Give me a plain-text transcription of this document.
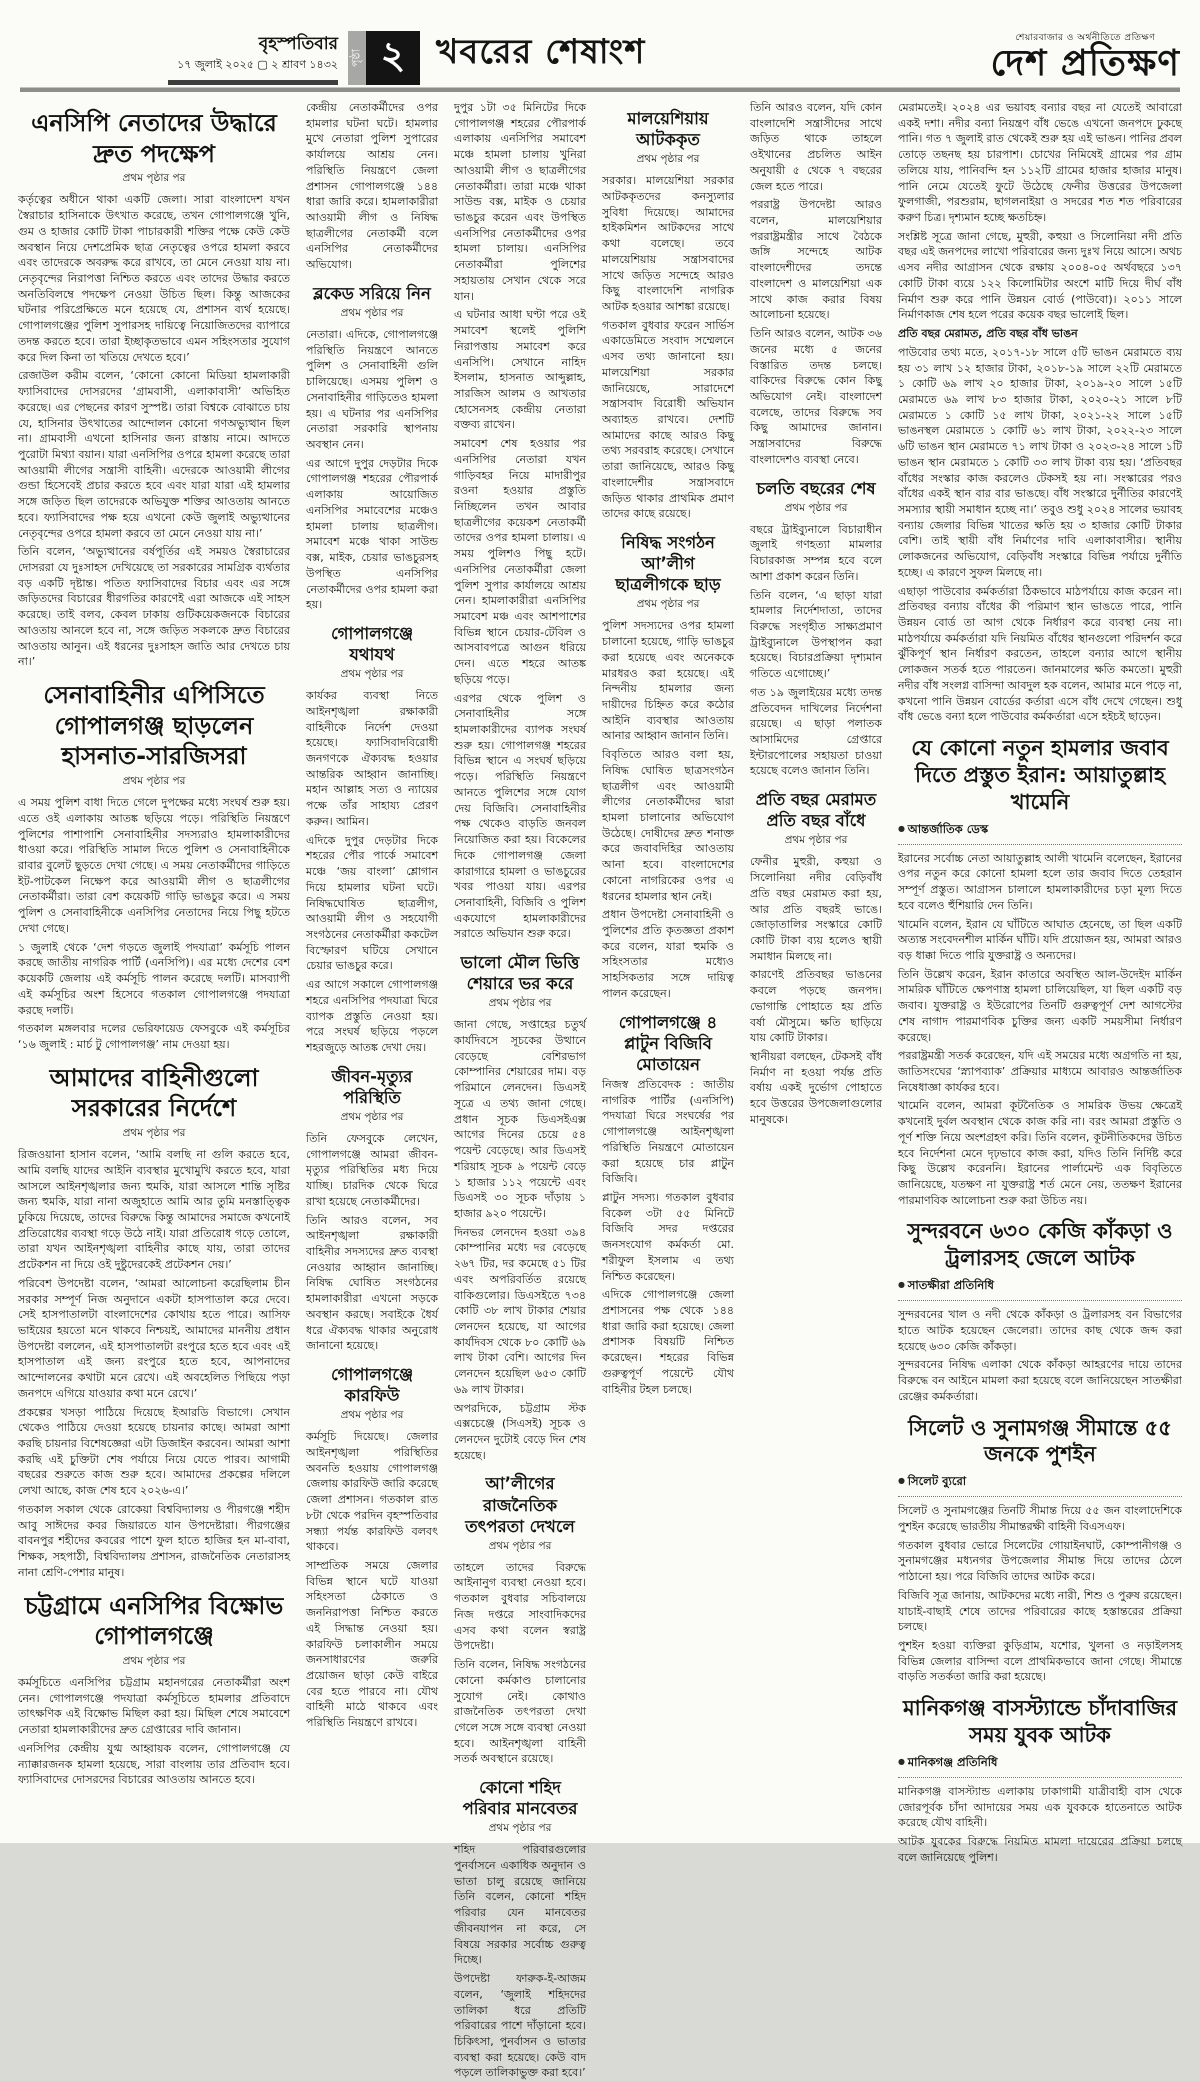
বৃহস্পতিবার
১৭ জুলাই ২০২৫ ▢ ২ শ্রাবণ ১৪৩২ পৃষ্ঠা ২ খবরের শেষাংশ	শেয়ারবাজার ও অর্থনীতিতে প্রতিক্ষণ
দেশ প্রতিক্ষণ
এনসিপি নেতাদের উদ্ধারে দ্রুত পদক্ষেপ
প্রথম পৃষ্ঠার পর

কর্তৃত্বের অধীনে থাকা একটি জেলা। সারা বাংলাদেশ যখন স্বৈরাচার হাসিনাকে উৎখাত করেছে, তখন গোপালগঞ্জে খুনি, গুম ও হাজার কোটি টাকা পাচারকারী শক্তির পক্ষে কেউ কেউ অবস্থান নিয়ে দেশপ্রেমিক ছাত্র নেতৃত্বের ওপরে হামলা করবে এবং তাদেরকে অবরুদ্ধ করে রাখবে, তা মেনে নেওয়া যায় না। নেতৃবৃন্দের নিরাপত্তা নিশ্চিত করতে এবং তাদের উদ্ধার করতে অনতিবিলম্বে পদক্ষেপ নেওয়া উচিত ছিল। কিন্তু আজকের ঘটনার পরিপ্রেক্ষিতে মনে হয়েছে যে, প্রশাসন ব্যর্থ হয়েছে। গোপালগঞ্জের পুলিশ সুপারসহ দায়িত্বে নিয়োজিতদের ব্যাপারে তদন্ত করতে হবে। তারা ইচ্ছাকৃতভাবে এমন সহিংসতার সুযোগ করে দিল কিনা তা খতিয়ে দেখতে হবে।’

রেজাউল করীম বলেন, ‘কোনো কোনো মিডিয়া হামলাকারী ফ্যাসিবাদের দোসরদের ‘গ্রামবাসী, এলাকাবাসী’ অভিহিত করেছে। এর পেছনের কারণ সুস্পষ্ট। তারা বিশ্বকে বোঝাতে চায় যে, হাসিনার উৎখাতের আন্দোলন কোনো গণঅভ্যুত্থান ছিল না। গ্রামবাসী এখনো হাসিনার জন্য রাস্তায় নামে। আদতে পুরোটা মিথ্যা বয়ান। যারা এনসিপির ওপরে হামলা করেছে তারা আওয়ামী লীগের সন্ত্রাসী বাহিনী। এদেরকে আওয়ামী লীগের গুন্ডা হিসেবেই প্রচার করতে হবে এবং যারা যারা এই হামলার সঙ্গে জড়িত ছিল তাদেরকে অভিযুক্ত শক্তির আওতায় আনতে হবে। ফ্যাসিবাদের পক্ষ হয়ে এখনো কেউ জুলাই অভ্যুত্থানের নেতৃবৃন্দের ওপরে হামলা করবে তা মেনে নেওয়া যায় না।’

তিনি বলেন, ‘অভ্যুত্থানের বর্ষপূর্তির এই সময়ও স্বৈরাচারের দোসররা যে দুঃসাহস দেখিয়েছে তা সরকারের সামগ্রিক ব্যর্থতার বড় একটি দৃষ্টান্ত। পতিত ফ্যাসিবাদের বিচার এবং এর সঙ্গে জড়িতদের বিচারের ধীরগতির কারণেই এরা আজকে এই সাহস করেছে। তাই বলব, কেবল ঢাকায় গুটিকয়েকজনকে বিচারের আওতায় আনলে হবে না, সঙ্গে জড়িত সকলকে দ্রুত বিচারের আওতায় আনুন। এই ধরনের দুঃসাহস জাতি আর দেখতে চায় না।’

সেনাবাহিনীর এপিসিতে গোপালগঞ্জ ছাড়লেন হাসনাত-সারজিসরা
প্রথম পৃষ্ঠার পর

এ সময় পুলিশ বাধা দিতে গেলে দুপক্ষের মধ্যে সংঘর্ষ শুরু হয়। এতে ওই এলাকায় আতঙ্ক ছড়িয়ে পড়ে। পরিস্থিতি নিয়ন্ত্রণে পুলিশের পাশাপাশি সেনাবাহিনীর সদস্যরাও হামলাকারীদের ধাওয়া করে। পরিস্থিতি সামাল দিতে পুলিশ ও সেনাবাহিনীকে রাবার বুলেট ছুড়তে দেখা গেছে। এ সময় নেতাকর্মীদের গাড়িতে ইট-পাটকেল নিক্ষেপ করে আওয়ামী লীগ ও ছাত্রলীগের নেতাকর্মীরা। তারা বেশ কয়েকটি গাড়ি ভাঙচুর করে। এ সময় পুলিশ ও সেনাবাহিনীকে এনসিপির নেতাদের নিয়ে পিছু হটতে দেখা গেছে।

১ জুলাই থেকে ‘দেশ গড়তে জুলাই পদযাত্রা’ কর্মসূচি পালন করছে জাতীয় নাগরিক পার্টি (এনসিপি)। এর মধ্যে দেশের বেশ কয়েকটি জেলায় এই কর্মসূচি পালন করেছে দলটি। মাসব্যাপী এই কর্মসূচির অংশ হিসেবে গতকাল গোপালগঞ্জে পদযাত্রা করছে দলটি।

গতকাল মঙ্গলবার দলের ভেরিফায়েড ফেসবুকে এই কর্মসূচির ‘১৬ জুলাই : মার্চ টু গোপালগঞ্জ’ নাম দেওয়া হয়।

আমাদের বাহিনীগুলো সরকারের নির্দেশে
প্রথম পৃষ্ঠার পর

রিজওয়ানা হাসান বলেন, ‘আমি বলছি না গুলি করতে হবে, আমি বলছি যাদের আইনি ব্যবস্থার মুখোমুখি করতে হবে, যারা আসলে আইনশৃঙ্খলার জন্য হুমকি, যারা আসলে শান্তি সৃষ্টির জন্য হুমকি, যারা নানা অজুহাতে আমি আর তুমি মনস্তাত্ত্বিক ঢুকিয়ে দিয়েছে, তাদের বিরুদ্ধে কিন্তু আমাদের সমাজে কখনোই প্রতিরোধের ব্যবস্থা গড়ে উঠে নাই। যারা প্রতিরোধ গড়ে তোলে, তারা যখন আইনশৃঙ্খলা বাহিনীর কাছে যায়, তারা তাদের প্রটেকশন না দিয়ে ওই দুষ্টুদেরকেই প্রটেকশন দেয়।’

পরিবেশ উপদেষ্টা বলেন, ‘আমরা আলোচনা করেছিলাম চীন সরকার সম্পূর্ণ নিজ অনুদানে একটা হাসপাতাল করে দেবে। সেই হাসপাতালটা বাংলাদেশের কোথায় হতে পারে। আসিফ ভাইয়ের হয়তো মনে থাকবে নিশ্চয়ই, আমাদের মাননীয় প্রধান উপদেষ্টা বললেন, এই হাসপাতালটা রংপুরে হতে হবে এবং এই হাসপাতাল এই জন্য রংপুরে হতে হবে, আপনাদের আন্দোলনের কথাটা মনে রেখে। এই অবহেলিত পিছিয়ে পড়া জনপদে এগিয়ে যাওয়ার কথা মনে রেখে।’

প্রকল্পের খসড়া পাঠিয়ে দিয়েছে ইআরডি বিভাগে। সেখান থেকেও পাঠিয়ে দেওয়া হয়েছে চায়নার কাছে। আমরা আশা করছি চায়নার বিশেষজ্ঞেরা এটা ডিজাইন করবেন। আমরা আশা করছি এই চুক্তিটা শেষ পর্যায়ে নিয়ে যেতে পারব। আগামী বছরের শুরুতে কাজ শুরু হবে। আমাদের প্রকল্পের দলিলে লেখা আছে, কাজ শেষ হবে ২০২৬-এ।’

গতকাল সকাল থেকে রোকেয়া বিশ্ববিদ্যালয় ও পীরগঞ্জে শহীদ আবু সাঈদের কবর জিয়ারতে যান উপদেষ্টারা। পীরগঞ্জের বাবনপুর শহীদের কবরের পাশে ফুল হাতে হাজির হন মা-বাবা, শিক্ষক, সহপাঠী, বিশ্ববিদ্যালয় প্রশাসন, রাজনৈতিক নেতারাসহ নানা শ্রেণি-পেশার মানুষ।

চট্টগ্রামে এনসিপির বিক্ষোভ গোপালগঞ্জে
প্রথম পৃষ্ঠার পর

কর্মসূচিতে এনসিপির চট্টগ্রাম মহানগরের নেতাকর্মীরা অংশ নেন। গোপালগঞ্জে পদযাত্রা কর্মসূচিতে হামলার প্রতিবাদে তাৎক্ষণিক এই বিক্ষোভ মিছিল করা হয়। মিছিল শেষে সমাবেশে নেতারা হামলাকারীদের দ্রুত গ্রেপ্তারের দাবি জানান।

এনসিপির কেন্দ্রীয় যুগ্ম আহ্বায়ক বলেন, গোপালগঞ্জে যে ন্যাক্কারজনক হামলা হয়েছে, সারা বাংলায় তার প্রতিবাদ হবে। ফ্যাসিবাদের দোসরদের বিচারের আওতায় আনতে হবে।

কেন্দ্রীয় নেতাকর্মীদের ওপর হামলার ঘটনা ঘটে। হামলার মুখে নেতারা পুলিশ সুপারের কার্যালয়ে আশ্রয় নেন। পরিস্থিতি নিয়ন্ত্রণে জেলা প্রশাসন গোপালগঞ্জে ১৪৪ ধারা জারি করে। হামলাকারীরা আওয়ামী লীগ ও নিষিদ্ধ ছাত্রলীগের নেতাকর্মী বলে এনসিপির নেতাকর্মীদের অভিযোগ।

ব্লকেড সরিয়ে নিন
প্রথম পৃষ্ঠার পর

নেতারা। এদিকে, গোপালগঞ্জে পরিস্থিতি নিয়ন্ত্রণে আনতে পুলিশ ও সেনাবাহিনী গুলি চালিয়েছে। এসময় পুলিশ ও সেনাবাহিনীর গাড়িতেও হামলা হয়। এ ঘটনার পর এনসিপির নেতারা সরকারি স্থাপনায় অবস্থান নেন।

এর আগে দুপুর দেড়টার দিকে গোপালগঞ্জ শহরের পৌরপার্ক এলাকায় আয়োজিত এনসিপির সমাবেশের মঞ্চেও হামলা চালায় ছাত্রলীগ। সমাবেশ মঞ্চে থাকা সাউন্ড বক্স, মাইক, চেয়ার ভাঙচুরসহ উপস্থিত এনসিপির নেতাকর্মীদের ওপর হামলা করা হয়।

গোপালগঞ্জে যথাযথ
প্রথম পৃষ্ঠার পর

কার্যকর ব্যবস্থা নিতে আইনশৃঙ্খলা রক্ষাকারী বাহিনীকে নির্দেশ দেওয়া হয়েছে। ফ্যাসিবাদবিরোধী জনগণকে ঐক্যবদ্ধ হওয়ার আন্তরিক আহ্বান জানাচ্ছি। মহান আল্লাহ সত্য ও ন্যায়ের পক্ষে তাঁর সাহায্য প্রেরণ করুন। আমিন।

এদিকে দুপুর দেড়টার দিকে শহরের পৌর পার্কে সমাবেশ মঞ্চে ‘জয় বাংলা’ শ্লোগান দিয়ে হামলার ঘটনা ঘটে। নিষিদ্ধঘোষিত ছাত্রলীগ, আওয়ামী লীগ ও সহযোগী সংগঠনের নেতাকর্মীরা ককটেল বিস্ফোরণ ঘটিয়ে সেখানে চেয়ার ভাঙচুর করে।

এর আগে সকালে গোপালগঞ্জ শহরে এনসিপির পদযাত্রা ঘিরে ব্যাপক প্রস্তুতি নেওয়া হয়। পরে সংঘর্ষ ছড়িয়ে পড়লে শহরজুড়ে আতঙ্ক দেখা দেয়।

জীবন-মৃত্যুর পরিস্থিতি
প্রথম পৃষ্ঠার পর

তিনি ফেসবুকে লেখেন, গোপালগঞ্জে আমরা জীবন-মৃত্যুর পরিস্থিতির মধ্য দিয়ে যাচ্ছি। চারদিক থেকে ঘিরে রাখা হয়েছে নেতাকর্মীদের।

তিনি আরও বলেন, সব আইনশৃঙ্খলা রক্ষাকারী বাহিনীর সদস্যদের দ্রুত ব্যবস্থা নেওয়ার আহ্বান জানাচ্ছি। নিষিদ্ধ ঘোষিত সংগঠনের হামলাকারীরা এখনো সড়কে অবস্থান করছে। সবাইকে ধৈর্য ধরে ঐক্যবদ্ধ থাকার অনুরোধ জানানো হয়েছে।

গোপালগঞ্জে কারফিউ
প্রথম পৃষ্ঠার পর

কর্মসূচি দিয়েছে। জেলার আইনশৃঙ্খলা পরিস্থিতির অবনতি হওয়ায় গোপালগঞ্জ জেলায় কারফিউ জারি করেছে জেলা প্রশাসন। গতকাল রাত ৮টা থেকে পরদিন বৃহস্পতিবার সন্ধ্যা পর্যন্ত কারফিউ বলবৎ থাকবে।

সাম্প্রতিক সময়ে জেলার বিভিন্ন স্থানে ঘটে যাওয়া সহিংসতা ঠেকাতে ও জননিরাপত্তা নিশ্চিত করতে এই সিদ্ধান্ত নেওয়া হয়। কারফিউ চলাকালীন সময়ে জনসাধারণের জরুরি প্রয়োজন ছাড়া কেউ বাইরে বের হতে পারবে না। যৌথ বাহিনী মাঠে থাকবে এবং পরিস্থিতি নিয়ন্ত্রণে রাখবে।

দুপুর ১টা ৩৫ মিনিটের দিকে গোপালগঞ্জ শহরের পৌরপার্ক এলাকায় এনসিপির সমাবেশ মঞ্চে হামলা চালায় খুনিরা আওয়ামী লীগ ও ছাত্রলীগের নেতাকর্মীরা। তারা মঞ্চে থাকা সাউন্ড বক্স, মাইক ও চেয়ার ভাঙচুর করেন এবং উপস্থিত এনসিপির নেতাকর্মীদের ওপর হামলা চালায়। এনসিপির নেতাকর্মীরা পুলিশের সহায়তায় সেখান থেকে সরে যান।

এ ঘটনার আধা ঘণ্টা পরে ওই সমাবেশ স্থলেই পুলিশি নিরাপত্তায় সমাবেশ করে এনসিপি। সেখানে নাহিদ ইসলাম, হাসনাত আব্দুল্লাহ, সারজিস আলম ও আখতার হোসেনসহ কেন্দ্রীয় নেতারা বক্তব্য রাখেন।

সমাবেশ শেষ হওয়ার পর এনসিপির নেতারা যখন গাড়িবহর নিয়ে মাদারীপুর রওনা হওয়ার প্রস্তুতি নিচ্ছিলেন তখন আবার ছাত্রলীগের কয়েকশ নেতাকর্মী তাদের ওপর হামলা চালায়। এ সময় পুলিশও পিছু হটে। এনসিপির নেতাকর্মীরা জেলা পুলিশ সুপার কার্যালয়ে আশ্রয় নেন। হামলাকারীরা এনসিপির সমাবেশ মঞ্চ এবং আশপাশের বিভিন্ন স্থানে চেয়ার-টেবিল ও আসবাবপত্রে আগুন ধরিয়ে দেন। এতে শহরে আতঙ্ক ছড়িয়ে পড়ে।

এরপর থেকে পুলিশ ও সেনাবাহিনীর সঙ্গে হামলাকারীদের ব্যাপক সংঘর্ষ শুরু হয়। গোপালগঞ্জ শহরের বিভিন্ন স্থানে এ সংঘর্ষ ছড়িয়ে পড়ে। পরিস্থিতি নিয়ন্ত্রণে আনতে পুলিশের সঙ্গে যোগ দেয় বিজিবি। সেনাবাহিনীর পক্ষ থেকেও বাড়তি জনবল নিয়োজিত করা হয়। বিকেলের দিকে গোপালগঞ্জ জেলা কারাগারে হামলা ও ভাঙচুরের খবর পাওয়া যায়। এরপর সেনাবাহিনী, বিজিবি ও পুলিশ একযোগে হামলাকারীদের সরাতে অভিযান শুরু করে।

ভালো মৌল ভিত্তি শেয়ারে ভর করে
প্রথম পৃষ্ঠার পর

জানা গেছে, সপ্তাহের চতুর্থ কার্যদিবসে সূচকের উত্থানে বেড়েছে বেশিরভাগ কোম্পানির শেয়ারের দাম। বড় পরিমানে লেনদেন। ডিএসই সূত্রে এ তথ্য জানা গেছে। প্রধান সূচক ডিএসইএক্স আগের দিনের চেয়ে ৫৪ পয়েন্ট বেড়েছে। আর ডিএসই শরিয়াহ সূচক ৯ পয়েন্ট বেড়ে ১ হাজার ১১২ পয়েন্টে এবং ডিএসই ৩০ সূচক দাঁড়ায় ১ হাজার ৯২০ পয়েন্টে।

দিনভর লেনদেন হওয়া ৩৯৪ কোম্পানির মধ্যে দর বেড়েছে ২৬৭ টির, দর কমেছে ৫১ টির এবং অপরিবর্তিত রয়েছে বাকিগুলোর। ডিএসইতে ৭৩৪ কোটি ৩৮ লাখ টাকার শেয়ার লেনদেন হয়েছে, যা আগের কার্যদিবস থেকে ৮০ কোটি ৬৯ লাখ টাকা বেশি। আগের দিন লেনদেন হয়েছিল ৬৫৩ কোটি ৬৯ লাখ টাকার।

অপরদিকে, চট্টগ্রাম স্টক এক্সচেঞ্জে (সিএসই) সূচক ও লেনদেন দুটোই বেড়ে দিন শেষ হয়েছে।

আ’লীগের রাজনৈতিক তৎপরতা দেখলে
প্রথম পৃষ্ঠার পর

তাহলে তাদের বিরুদ্ধে আইনানুগ ব্যবস্থা নেওয়া হবে। গতকাল বুধবার সচিবালয়ে নিজ দপ্তরে সাংবাদিকদের এসব কথা বলেন স্বরাষ্ট্র উপদেষ্টা।

তিনি বলেন, নিষিদ্ধ সংগঠনের কোনো কর্মকাণ্ড চালানোর সুযোগ নেই। কোথাও রাজনৈতিক তৎপরতা দেখা গেলে সঙ্গে সঙ্গে ব্যবস্থা নেওয়া হবে। আইনশৃঙ্খলা বাহিনী সতর্ক অবস্থানে রয়েছে।

কোনো শহিদ পরিবার মানবেতর
প্রথম পৃষ্ঠার পর

শহিদ পরিবারগুলোর পুনর্বাসনে একাধিক অনুদান ও ভাতা চালু রয়েছে জানিয়ে তিনি বলেন, কোনো শহিদ পরিবার যেন মানবেতর জীবনযাপন না করে, সে বিষয়ে সরকার সর্বোচ্চ গুরুত্ব দিচ্ছে।

উপদেষ্টা ফারুক-ই-আজম বলেন, ‘জুলাই শহিদদের তালিকা ধরে প্রতিটি পরিবারের পাশে দাঁড়ানো হবে। চিকিৎসা, পুনর্বাসন ও ভাতার ব্যবস্থা করা হয়েছে। কেউ বাদ পড়লে তালিকাভুক্ত করা হবে।’

মালয়েশিয়ায় আটককৃত
প্রথম পৃষ্ঠার পর

সরকার। মালয়েশিয়া সরকার আটককৃতদের কনস্যুলার সুবিধা দিয়েছে। আমাদের হাইকমিশন আটকদের সাথে কথা বলেছে। তবে মালয়েশিয়ায় সন্ত্রাসবাদের সাথে জড়িত সন্দেহে আরও কিছু বাংলাদেশি নাগরিক আটক হওয়ার আশঙ্কা রয়েছে।

গতকাল বুধবার ফরেন সার্ভিস একাডেমিতে সংবাদ সম্মেলনে এসব তথ্য জানানো হয়। মালয়েশিয়া সরকার জানিয়েছে, সারাদেশে সন্ত্রাসবাদ বিরোধী অভিযান অব্যাহত রাখবে। দেশটি আমাদের কাছে আরও কিছু তথ্য সরবরাহ করেছে। সেখানে তারা জানিয়েছে, আরও কিছু বাংলাদেশীর সন্ত্রাসবাদে জড়িত থাকার প্রাথমিক প্রমাণ তাদের কাছে রয়েছে।

নিষিদ্ধ সংগঠন আ’লীগ ছাত্রলীগকে ছাড়
প্রথম পৃষ্ঠার পর

পুলিশ সদস্যদের ওপর হামলা চালানো হয়েছে, গাড়ি ভাঙচুর করা হয়েছে এবং অনেককে মারধরও করা হয়েছে। এই নিন্দনীয় হামলার জন্য দায়ীদের চিহ্নিত করে কঠোর আইনি ব্যবস্থার আওতায় আনার আহ্বান জানান তিনি।

বিবৃতিতে আরও বলা হয়, নিষিদ্ধ ঘোষিত ছাত্রসংগঠন ছাত্রলীগ এবং আওয়ামী লীগের নেতাকর্মীদের দ্বারা হামলা চালানোর অভিযোগ উঠেছে। দোষীদের দ্রুত শনাক্ত করে জবাবদিহির আওতায় আনা হবে। বাংলাদেশের কোনো নাগরিকের ওপর এ ধরনের হামলার স্থান নেই।

প্রধান উপদেষ্টা সেনাবাহিনী ও পুলিশের প্রতি কৃতজ্ঞতা প্রকাশ করে বলেন, যারা হুমকি ও সহিংসতার মধ্যেও সাহসিকতার সঙ্গে দায়িত্ব পালন করেছেন।

গোপালগঞ্জে ৪ প্লাটুন বিজিবি মোতায়েন

নিজস্ব প্রতিবেদক : জাতীয় নাগরিক পার্টির (এনসিপি) পদযাত্রা ঘিরে সংঘর্ষের পর গোপালগঞ্জে আইনশৃঙ্খলা পরিস্থিতি নিয়ন্ত্রণে মোতায়েন করা হয়েছে চার প্লাটুন বিজিবি।

প্লাটুন সদস্য। গতকাল বুধবার বিকেল ৩টা ৫৫ মিনিটে বিজিবি সদর দপ্তরের জনসংযোগ কর্মকর্তা মো. শরীফুল ইসলাম এ তথ্য নিশ্চিত করেছেন।

এদিকে গোপালগঞ্জে জেলা প্রশাসনের পক্ষ থেকে ১৪৪ ধারা জারি করা হয়েছে। জেলা প্রশাসক বিষয়টি নিশ্চিত করেছেন। শহরের বিভিন্ন গুরুত্বপূর্ণ পয়েন্টে যৌথ বাহিনীর টহল চলছে।

তিনি আরও বলেন, যদি কোন বাংলাদেশি সন্ত্রাসীদের সাথে জড়িত থাকে তাহলে ওইখানের প্রচলিত আইন অনুযায়ী ৫ থেকে ৭ বছরের জেল হতে পারে।

পররাষ্ট্র উপদেষ্টা আরও বলেন, মালয়েশিয়ার পররাষ্ট্রমন্ত্রীর সাথে বৈঠকে জঙ্গি সন্দেহে আটক বাংলাদেশীদের তদন্তে বাংলাদেশ ও মালয়েশিয়া এক সাথে কাজ করার বিষয় আলোচনা হয়েছে।

তিনি আরও বলেন, আটক ৩৬ জনের মধ্যে ৫ জনের বিস্তারিত তদন্ত চলছে। বাকিদের বিরুদ্ধে কোন কিছু অভিযোগ নেই। বাংলাদেশ বলেছে, তাদের বিরুদ্ধে সব কিছু আমাদের জানান। সন্ত্রাসবাদের বিরুদ্ধে বাংলাদেশও ব্যবস্থা নেবে।

চলতি বছরের শেষ
প্রথম পৃষ্ঠার পর

বছরে ট্রাইব্যুনালে বিচারাধীন জুলাই গণহত্যা মামলার বিচারকাজ সম্পন্ন হবে বলে আশা প্রকাশ করেন তিনি।

তিনি বলেন, ‘এ ছাড়া যারা হামলার নির্দেশদাতা, তাদের বিরুদ্ধে সংগৃহীত সাক্ষ্যপ্রমাণ ট্রাইব্যুনালে উপস্থাপন করা হয়েছে। বিচারপ্রক্রিয়া দৃশ্যমান গতিতে এগোচ্ছে।’

গত ১৯ জুলাইয়ের মধ্যে তদন্ত প্রতিবেদন দাখিলের নির্দেশনা রয়েছে। এ ছাড়া পলাতক আসামিদের গ্রেপ্তারে ইন্টারপোলের সহায়তা চাওয়া হয়েছে বলেও জানান তিনি।

প্রতি বছর মেরামত প্রতি বছর বাঁধে
প্রথম পৃষ্ঠার পর

ফেনীর মুহুরী, কহুয়া ও সিলোনিয়া নদীর বেড়িবাঁধ প্রতি বছর মেরামত করা হয়, আর প্রতি বছরই ভাঙে। জোড়াতালির সংস্কারে কোটি কোটি টাকা ব্যয় হলেও স্থায়ী সমাধান মিলছে না।

কারণেই প্রতিবছর ভাঙনের কবলে পড়ছে জনপদ। ভোগান্তি পোহাতে হয় প্রতি বর্ষা মৌসুমে। ক্ষতি ছাড়িয়ে যায় কোটি টাকার।

স্থানীয়রা বলছেন, টেকসই বাঁধ নির্মাণ না হওয়া পর্যন্ত প্রতি বর্ষায় একই দুর্ভোগ পোহাতে হবে উত্তরের উপজেলাগুলোর মানুষকে।

মেরামতেই। ২০২৪ এর ভয়াবহ বন্যার বছর না যেতেই আবারো একই দশা। নদীর বন্যা নিয়ন্ত্রণ বাঁধ ভেঙে এখনো জনপদে ঢুকছে পানি। গত ৭ জুলাই রাত থেকেই শুরু হয় এই ভাঙন। পানির প্রবল তোড়ে তছনছ হয় চারপাশ। চোখের নিমিষেই গ্রামের পর গ্রাম তলিয়ে যায়, পানিবন্দি হন ১১২টি গ্রামের হাজার হাজার মানুষ। পানি নেমে যেতেই ফুটে উঠেছে ফেনীর উত্তরের উপজেলা ফুলগাজী, পরশুরাম, ছাগলনাইয়া ও সদরের শত শত পরিবারের করুণ চিত্র। দৃশ্যমান হচ্ছে ক্ষতচিহ্ন।

সংশ্লিষ্ট সূত্রে জানা গেছে, মুহুরী, কহুয়া ও সিলোনিয়া নদী প্রতি বছর এই জনপদের লাখো পরিবারের জন্য দুঃখ নিয়ে আসে। অথচ এসব নদীর আগ্রাসন থেকে রক্ষায় ২০০৪-০৫ অর্থবছরে ১৩৭ কোটি টাকা ব্যয়ে ১২২ কিলোমিটার অংশে মাটি দিয়ে দীর্ঘ বাঁধ নির্মাণ শুরু করে পানি উন্নয়ন বোর্ড (পাউবো)। ২০১১ সালে নির্মাণকাজ শেষ হলে পরের কয়েক বছর ভালোই ছিল।

প্রতি বছর মেরামত, প্রতি বছর বাঁধ ভাঙন

পাউবোর তথ্য মতে, ২০১৭-১৮ সালে ৫টি ভাঙন মেরামতে ব্যয় হয় ৩১ লাখ ১২ হাজার টাকা, ২০১৮-১৯ সালে ২২টি মেরামতে ১ কোটি ৬৯ লাখ ২০ হাজার টাকা, ২০১৯-২০ সালে ১৫টি মেরামতে ৬৯ লাখ ৮৩ হাজার টাকা, ২০২০-২১ সালে ৮টি মেরামতে ১ কোটি ১৫ লাখ টাকা, ২০২১-২২ সালে ১৫টি ভাঙনস্থল মেরামতে ১ কোটি ৬১ লাখ টাকা, ২০২২-২৩ সালে ৬টি ভাঙন স্থান মেরামতে ৭১ লাখ টাকা ও ২০২৩-২৪ সালে ১টি ভাঙন স্থান মেরামতে ১ কোটি ৩৩ লাখ টাকা ব্যয় হয়। ‘প্রতিবছর বাঁধের সংস্কার কাজ করলেও টেকসই হয় না। সংস্কারের পরও বাঁধের একই স্থান বার বার ভাঙছে। বাঁধ সংস্কারে দুর্নীতির কারণেই সমস্যার স্থায়ী সমাধান হচ্ছে না।’ তবুও শুধু ২০২৪ সালের ভয়াবহ বন্যায় জেলার বিভিন্ন খাতের ক্ষতি হয় ৩ হাজার কোটি টাকার বেশি। তাই স্থায়ী বাঁধ নির্মাণের দাবি এলাকাবাসীর। স্থানীয় লোকজনের অভিযোগ, বেড়িবাঁধ সংস্কারে বিভিন্ন পর্যায়ে দুর্নীতি হচ্ছে। এ কারণে সুফল মিলছে না।

এছাড়া পাউবোর কর্মকর্তারা ঠিকভাবে মাঠপর্যায়ে কাজ করেন না। প্রতিবছর বন্যায় বাঁধের কী পরিমাণ স্থান ভাঙতে পারে, পানি উন্নয়ন বোর্ড তা আগ থেকে নির্ধারণ করে ব্যবস্থা নেয় না। মাঠপর্যায়ে কর্মকর্তারা যদি নিয়মিত বাঁধের স্থানগুলো পরিদর্শন করে ঝুঁকিপূর্ণ স্থান নির্ধারণ করতেন, তাহলে বন্যার আগে স্থানীয় লোকজন সতর্ক হতে পারতেন। জানমালের ক্ষতি কমতো। মুহুরী নদীর বাঁধ সংলগ্ন বাসিন্দা আবদুল হক বলেন, আমার মনে পড়ে না, কখনো পানি উন্নয়ন বোর্ডের কর্তারা এসে বাঁধ দেখে গেছেন। শুধু বাঁধ ভেঙে বন্যা হলে পাউবোর কর্মকর্তারা এসে হইচই ছাড়েন।

যে কোনো নতুন হামলার জবাব দিতে প্রস্তুত ইরান: আয়াতুল্লাহ খামেনি
● আন্তর্জাতিক ডেস্ক

ইরানের সর্বোচ্চ নেতা আয়াতুল্লাহ আলী খামেনি বলেছেন, ইরানের ওপর নতুন করে কোনো হামলা হলে তার জবাব দিতে তেহরান সম্পূর্ণ প্রস্তুত। আগ্রাসন চালালে হামলাকারীদের চড়া মূল্য দিতে হবে বলেও হুঁশিয়ারি দেন তিনি।

খামেনি বলেন, ইরান যে ঘাঁটিতে আঘাত হেনেছে, তা ছিল একটি অত্যন্ত সংবেদনশীল মার্কিন ঘাঁটি। যদি প্রয়োজন হয়, আমরা আরও বড় ধাক্কা দিতে পারি যুক্তরাষ্ট্র ও অন্যদের।

তিনি উল্লেখ করেন, ইরান কাতারে অবস্থিত আল-উদেইদ মার্কিন সামরিক ঘাঁটিতে ক্ষেপণাস্ত্র হামলা চালিয়েছিল, যা ছিল একটি বড় জবাব। যুক্তরাষ্ট্র ও ইউরোপের তিনটি গুরুত্বপূর্ণ দেশ আগস্টের শেষ নাগাদ পারমাণবিক চুক্তির জন্য একটি সময়সীমা নির্ধারণ করেছে।

পররাষ্ট্রমন্ত্রী সতর্ক করেছেন, যদি এই সময়ের মধ্যে অগ্রগতি না হয়, জাতিসংঘের ‘স্ন্যাপব্যাক’ প্রক্রিয়ার মাধ্যমে আবারও আন্তর্জাতিক নিষেধাজ্ঞা কার্যকর হবে।

খামেনি বলেন, আমরা কূটনৈতিক ও সামরিক উভয় ক্ষেত্রেই কখনোই দুর্বল অবস্থান থেকে কাজ করি না। বরং আমরা প্রস্তুতি ও পূর্ণ শক্তি নিয়ে অংশগ্রহণ করি। তিনি বলেন, কূটনীতিকদের উচিত হবে নির্দেশনা মেনে দৃঢ়ভাবে কাজ করা, যদিও তিনি নির্দিষ্ট করে কিছু উল্লেখ করেননি। ইরানের পার্লামেন্ট এক বিবৃতিতে জানিয়েছে, যতক্ষণ না যুক্তরাষ্ট্র শর্ত মেনে নেয়, ততক্ষণ ইরানের পারমাণবিক আলোচনা শুরু করা উচিত নয়।

সুন্দরবনে ৬৩০ কেজি কাঁকড়া ও ট্রলারসহ জেলে আটক
● সাতক্ষীরা প্রতিনিধি

সুন্দরবনের খাল ও নদী থেকে কাঁকড়া ও ট্রলারসহ বন বিভাগের হাতে আটক হয়েছেন জেলেরা। তাদের কাছ থেকে জব্দ করা হয়েছে ৬৩০ কেজি কাঁকড়া।

সুন্দরবনের নিষিদ্ধ এলাকা থেকে কাঁকড়া আহরণের দায়ে তাদের বিরুদ্ধে বন আইনে মামলা করা হয়েছে বলে জানিয়েছেন সাতক্ষীরা রেঞ্জের কর্মকর্তারা।

সিলেট ও সুনামগঞ্জ সীমান্তে ৫৫ জনকে পুশইন
● সিলেট ব্যুরো

সিলেট ও সুনামগঞ্জের তিনটি সীমান্ত দিয়ে ৫৫ জন বাংলাদেশিকে পুশইন করেছে ভারতীয় সীমান্তরক্ষী বাহিনী বিএসএফ।

গতকাল বুধবার ভোরে সিলেটের গোয়াইনঘাট, কোম্পানীগঞ্জ ও সুনামগঞ্জের মধ্যনগর উপজেলার সীমান্ত দিয়ে তাদের ঠেলে পাঠানো হয়। পরে বিজিবি তাদের আটক করে।

বিজিবি সূত্র জানায়, আটকদের মধ্যে নারী, শিশু ও পুরুষ রয়েছেন। যাচাই-বাছাই শেষে তাদের পরিবারের কাছে হস্তান্তরের প্রক্রিয়া চলছে।

পুশইন হওয়া ব্যক্তিরা কুড়িগ্রাম, যশোর, খুলনা ও নড়াইলসহ বিভিন্ন জেলার বাসিন্দা বলে প্রাথমিকভাবে জানা গেছে। সীমান্তে বাড়তি সতর্কতা জারি করা হয়েছে।

মানিকগঞ্জ বাসস্ট্যান্ডে চাঁদাবাজির সময় যুবক আটক
● মানিকগঞ্জ প্রতিনিধি

মানিকগঞ্জ বাসস্ট্যান্ড এলাকায় ঢাকাগামী যাত্রীবাহী বাস থেকে জোরপূর্বক চাঁদা আদায়ের সময় এক যুবককে হাতেনাতে আটক করেছে যৌথ বাহিনী।

আটক যুবকের বিরুদ্ধে নিয়মিত মামলা দায়েরের প্রক্রিয়া চলছে বলে জানিয়েছে পুলিশ।
